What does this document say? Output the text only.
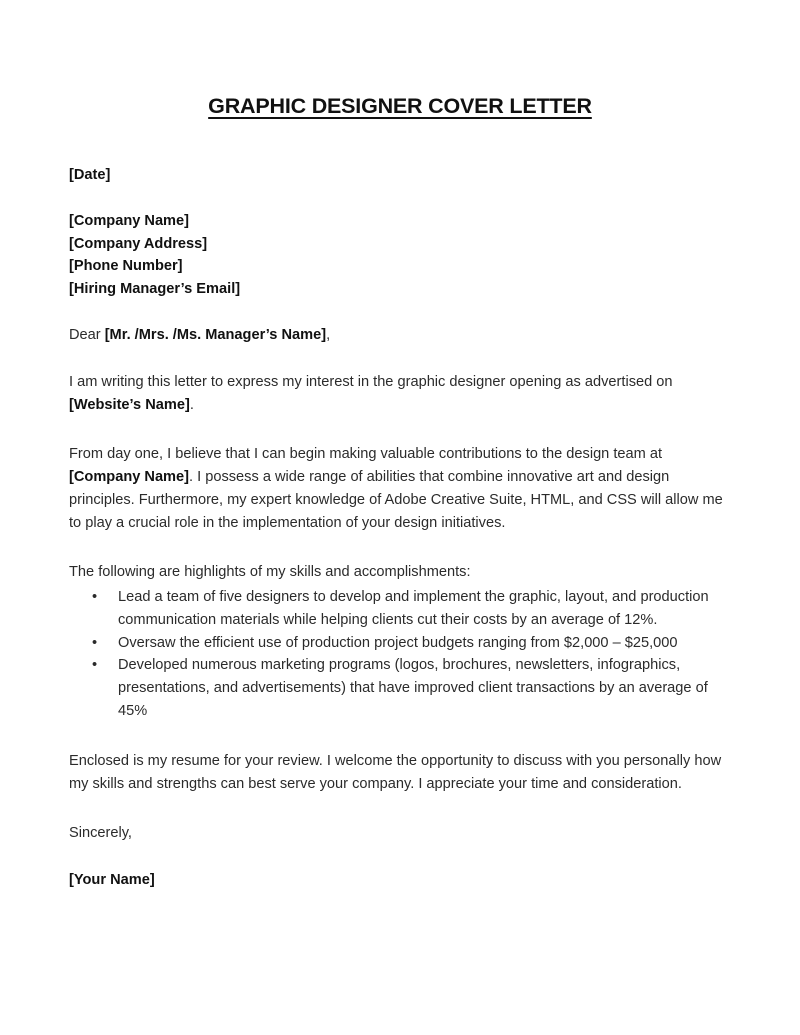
GRAPHIC DESIGNER COVER LETTER
[Date]
[Company Name]
[Company Address]
[Phone Number]
[Hiring Manager’s Email]

Dear [Mr. /Mrs. /Ms. Manager’s Name],

I am writing this letter to express my interest in the graphic designer opening as advertised on [Website’s Name].

From day one, I believe that I can begin making valuable contributions to the design team at [Company Name]. I possess a wide range of abilities that combine innovative art and design principles. Furthermore, my expert knowledge of Adobe Creative Suite, HTML, and CSS will allow me to play a crucial role in the implementation of your design initiatives.

The following are highlights of my skills and accomplishments:

• Lead a team of five designers to develop and implement the graphic, layout, and production communication materials while helping clients cut their costs by an average of 12%.
• Oversaw the efficient use of production project budgets ranging from $2,000 – $25,000
• Developed numerous marketing programs (logos, brochures, newsletters, infographics, presentations, and advertisements) that have improved client transactions by an average of 45%

Enclosed is my resume for your review. I welcome the opportunity to discuss with you personally how my skills and strengths can best serve your company. I appreciate your time and consideration.

Sincerely,

[Your Name]
